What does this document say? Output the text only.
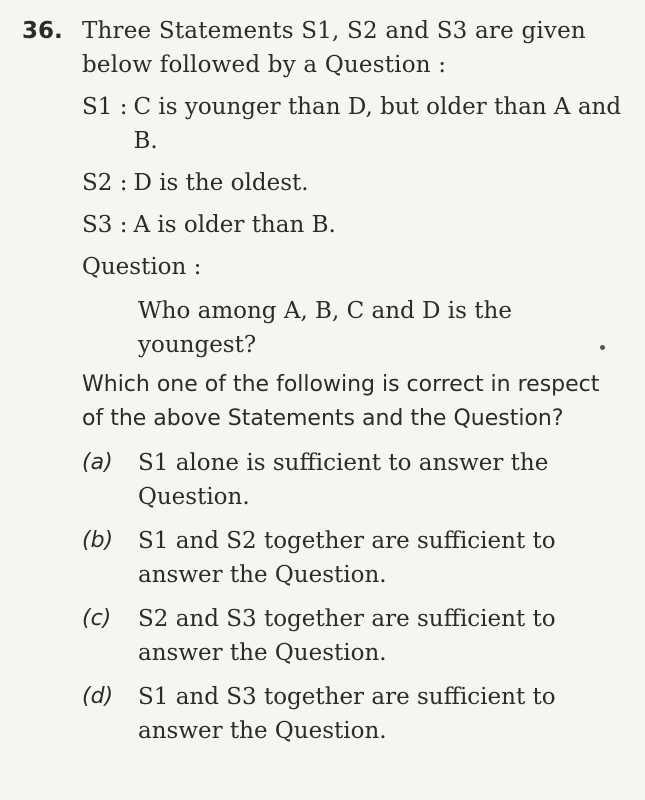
36. Three Statements S1, S2 and S3 are given below followed by a Question :
S1 : C is younger than D, but older than A and B.
S2 : D is the oldest.
S3 : A is older than B.
Question :
Who among A, B, C and D is the youngest?
Which one of the following is correct in respect of the above Statements and the Question?
(a)	S1 alone is sufficient to answer the Question.
(b)	S1 and S2 together are sufficient to answer the Question.
(c)	S2 and S3 together are sufficient to answer the Question.
(d)	S1 and S3 together are sufficient to answer the Question.
